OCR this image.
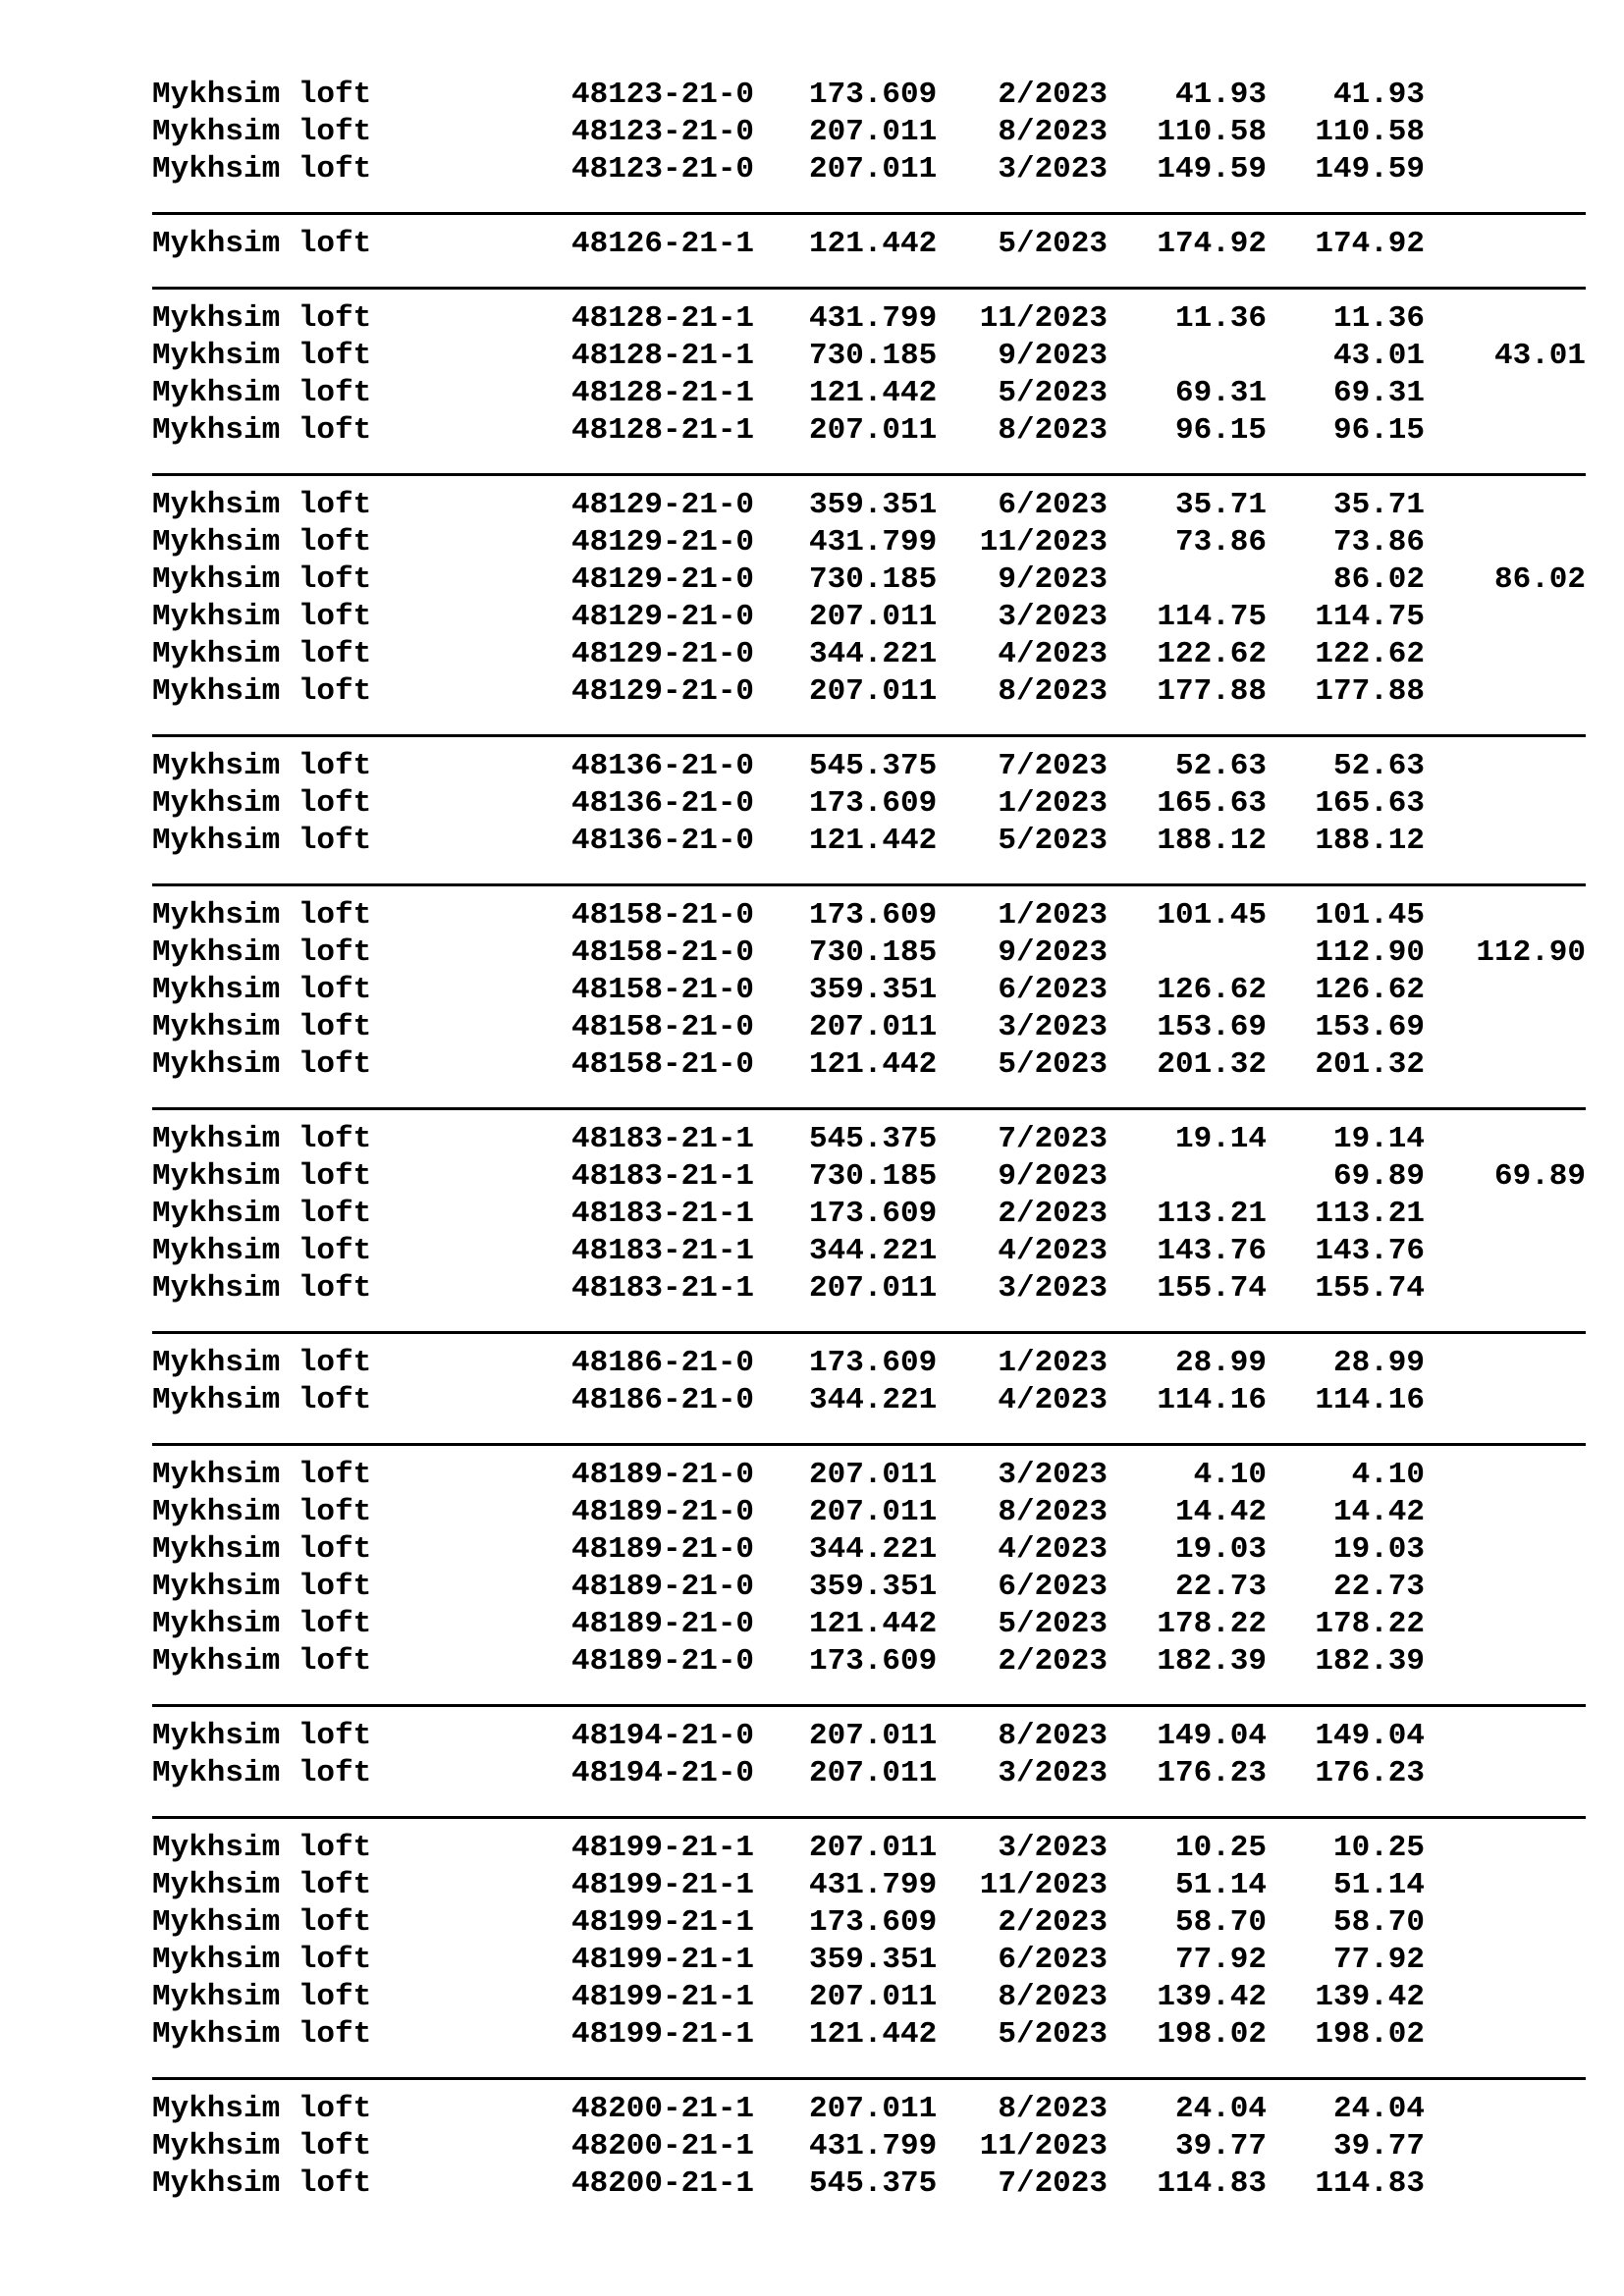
Mykhsim loft	48123-21-0 173.609 2/2023 41.93 41.93
Mykhsim loft	48123-21-0 207.011 8/2023 110.58 110.58
Mykhsim loft	48123-21-0 207.011 3/2023 149.59 149.59
Mykhsim loft	48126-21-1 121.442 5/2023 174.92 174.92
Mykhsim loft	48128-21-1 431.799 11/2023 11.36 11.36
Mykhsim loft	48128-21-1 730.185 9/2023	43.01 43.01
Mykhsim loft	48128-21-1 121.442 5/2023 69.31 69.31
Mykhsim loft	48128-21-1 207.011 8/2023 96.15 96.15
Mykhsim loft	48129-21-0 359.351 6/2023 35.71 35.71
Mykhsim loft	48129-21-0 431.799 11/2023 73.86 73.86
Mykhsim loft	48129-21-0 730.185 9/2023	86.02 86.02
Mykhsim loft	48129-21-0 207.011 3/2023 114.75 114.75
Mykhsim loft	48129-21-0 344.221 4/2023 122.62 122.62
Mykhsim loft	48129-21-0 207.011 8/2023 177.88 177.88
Mykhsim loft	48136-21-0 545.375 7/2023 52.63 52.63
Mykhsim loft	48136-21-0 173.609 1/2023 165.63 165.63
Mykhsim loft	48136-21-0 121.442 5/2023 188.12 188.12
Mykhsim loft	48158-21-0 173.609 1/2023 101.45 101.45
Mykhsim loft	48158-21-0 730.185 9/2023	112.90 112.90
Mykhsim loft	48158-21-0 359.351 6/2023 126.62 126.62
Mykhsim loft	48158-21-0 207.011 3/2023 153.69 153.69
Mykhsim loft	48158-21-0 121.442 5/2023 201.32 201.32
Mykhsim loft	48183-21-1 545.375 7/2023 19.14 19.14
Mykhsim loft	48183-21-1 730.185 9/2023	69.89 69.89
Mykhsim loft	48183-21-1 173.609 2/2023 113.21 113.21
Mykhsim loft	48183-21-1 344.221 4/2023 143.76 143.76
Mykhsim loft	48183-21-1 207.011 3/2023 155.74 155.74
Mykhsim loft	48186-21-0 173.609 1/2023 28.99 28.99
Mykhsim loft	48186-21-0 344.221 4/2023 114.16 114.16
Mykhsim loft	48189-21-0 207.011 3/2023	4.10	4.10
Mykhsim loft	48189-21-0 207.011 8/2023 14.42 14.42
Mykhsim loft	48189-21-0 344.221 4/2023 19.03 19.03
Mykhsim loft	48189-21-0 359.351 6/2023 22.73 22.73
Mykhsim loft	48189-21-0 121.442 5/2023 178.22 178.22
Mykhsim loft	48189-21-0 173.609 2/2023 182.39 182.39
Mykhsim loft	48194-21-0 207.011 8/2023 149.04 149.04
Mykhsim loft	48194-21-0 207.011 3/2023 176.23 176.23
Mykhsim loft	48199-21-1 207.011 3/2023 10.25 10.25
Mykhsim loft	48199-21-1 431.799 11/2023 51.14 51.14
Mykhsim loft	48199-21-1 173.609 2/2023 58.70 58.70
Mykhsim loft	48199-21-1 359.351 6/2023 77.92 77.92
Mykhsim loft	48199-21-1 207.011 8/2023 139.42 139.42
Mykhsim loft	48199-21-1 121.442 5/2023 198.02 198.02
Mykhsim loft	48200-21-1 207.011 8/2023 24.04 24.04
Mykhsim loft	48200-21-1 431.799 11/2023 39.77 39.77
Mykhsim loft	48200-21-1 545.375 7/2023 114.83 114.83
